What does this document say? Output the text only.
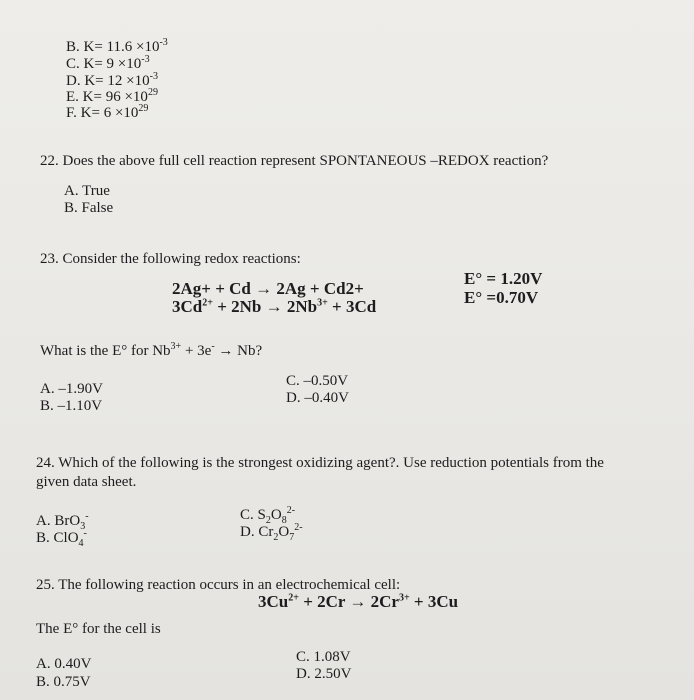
B. $K= 11.6 \times 10^{-3}$
C. $K= 9 \times 10^{-3}$
D. $K= 12 \times 10^{-3}$
E. $K= 96 \times 10^{29}$
F. $K= 6 \times 10^{29}$
22. Does the above full cell reaction represent SPONTANEOUS –REDOX reaction?
A. True
B. False
23. Consider the following redox reactions:
2Ag+ + Cd → 2Ag + Cd2+
E° = 1.20V
$3Cd^{2+} + 2Nb \to 2Nb^{3+} + 3Cd$	E° =0.70V
What is the E° for $Nb^{3+} + 3e^- \to Nb$?
A. –1.90V
B. –1.10V
C. –0.50V
D. –0.40V
24. Which of the following is the strongest oxidizing agent?. Use reduction potentials from the
given data sheet.
A. BrO$_3$-
B. ClO$_4$-
C. $S_2O_8^{2-}$
D. $Cr_2O_7^{2-}$
25. The following reaction occurs in an electrochemical cell:
$3Cu^{2+} + 2Cr \to 2Cr^{3+} + 3Cu$
The E° for the cell is
A. 0.40V
B. 0.75V
C. 1.08V
D. 2.50V
